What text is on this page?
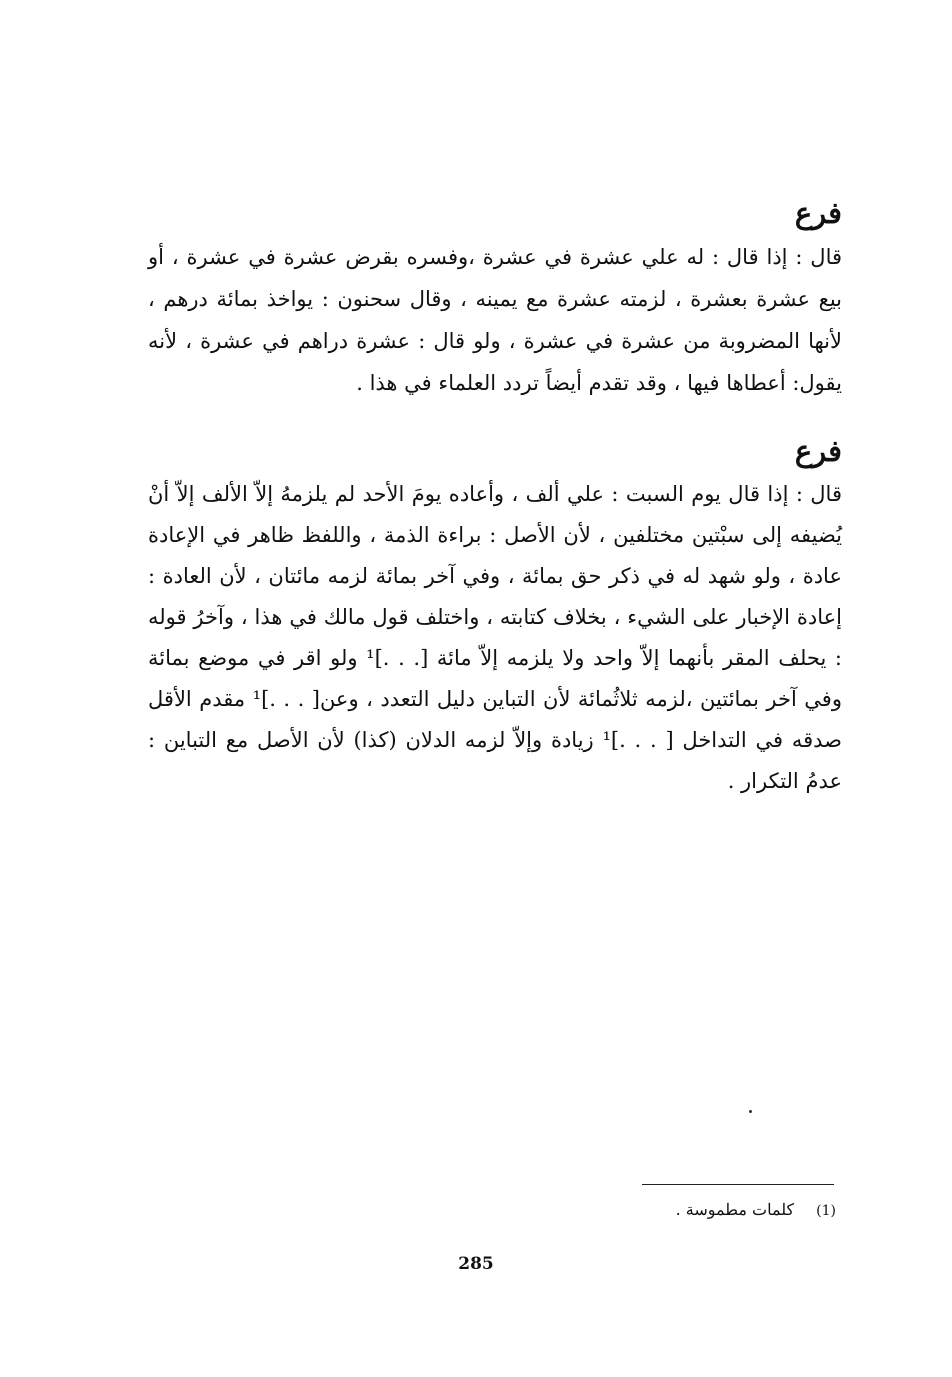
فرع

قال : إذا قال : له علي عشرة في عشرة ،وفسره بقرض عشرة في عشرة ، أو بيع عشرة بعشرة ، لزمته عشرة مع يمينه ، وقال سحنون : يواخذ بمائة درهم ، لأنها المضروبة من عشرة في عشرة ، ولو قال : عشرة دراهم في عشرة ، لأنه يقول: أعطاها فيها ، وقد تقدم أيضاً تردد العلماء في هذا .

فرع

قال : إذا قال يوم السبت : علي ألف ، وأعاده يومَ الأحد لم يلزمهُ إلاّ الألف إلاّ أنْ يُضيفه إلى سبْتين مختلفين ، لأن الأصل : براءة الذمة ، واللفظ ظاهر في الإعادة عادة ، ولو شهد له في ذكر حق بمائة ، وفي آخر بمائة لزمه مائتان ، لأن العادة : إعادة الإخبار على الشيء ، بخلاف كتابته ، واختلف قول مالك في هذا ، وآخرُ قوله : يحلف المقر بأنهما إلاّ واحد ولا يلزمه إلاّ مائة [. . .]¹ ولو اقر في موضع بمائة وفي آخر بمائتين ،لزمه ثلاثُمائة لأن التباين دليل التعدد ، وعن[ . . .]¹ مقدم الأقل صدقه في التداخل [ . . .]¹ زيادة وإلاّ لزمه الدلان (كذا) لأن الأصل مع التباين : عدمُ التكرار .

(1)كلمات مطموسة .
285
